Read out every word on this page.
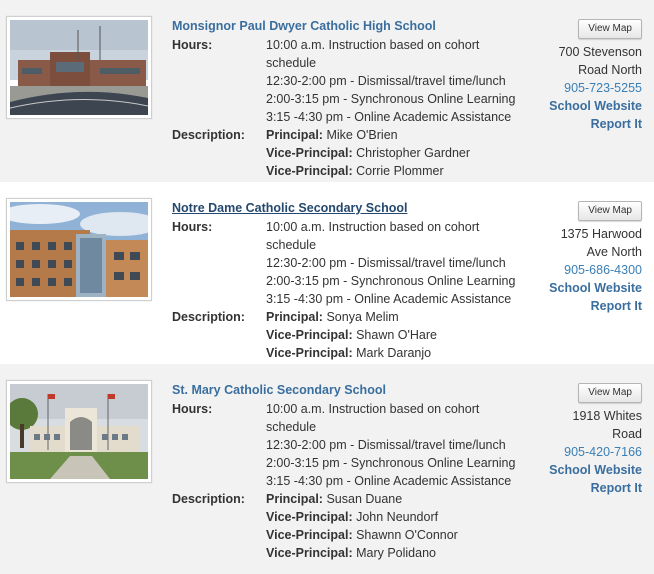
Monsignor Paul Dwyer Catholic High School
Hours:	10:00 a.m. Instruction based on cohort schedule
12:30-2:00 pm - Dismissal/travel time/lunch
2:00-3:15 pm - Synchronous Online Learning
3:15 -4:30 pm - Online Academic Assistance
Description:	Principal: Mike O'Brien
Vice-Principal: Christopher Gardner
Vice-Principal: Corrie Plommer
View Map
700 Stevenson
Road North
905-723-5255
School Website
Report It
Notre Dame Catholic Secondary School
Hours:	10:00 a.m. Instruction based on cohort schedule
12:30-2:00 pm - Dismissal/travel time/lunch
2:00-3:15 pm - Synchronous Online Learning
3:15 -4:30 pm - Online Academic Assistance
Description:	Principal: Sonya Melim
Vice-Principal: Shawn O'Hare
Vice-Principal: Mark Daranjo
View Map
1375 Harwood
Ave North
905-686-4300
School Website
Report It
St. Mary Catholic Secondary School
Hours:	10:00 a.m. Instruction based on cohort schedule
12:30-2:00 pm - Dismissal/travel time/lunch
2:00-3:15 pm - Synchronous Online Learning
3:15 -4:30 pm - Online Academic Assistance
Description:	Principal: Susan Duane
Vice-Principal: John Neundorf
Vice-Principal: Shawnn O'Connor
Vice-Principal: Mary Polidano
View Map
1918 Whites
Road
905-420-7166
School Website
Report It
